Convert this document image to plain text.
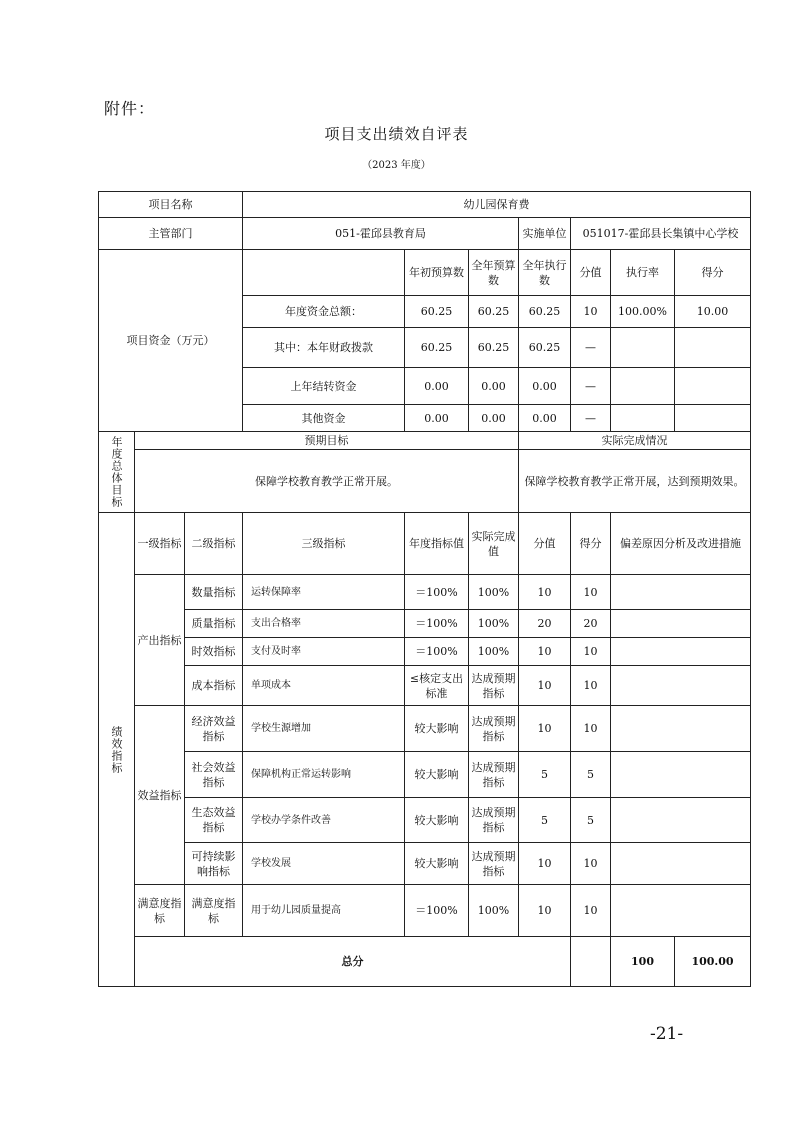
附件：
项目支出绩效自评表
（2023 年度）
项目名称			幼儿园保育费							
主管部门			051-霍邱县教育局			实施单位	051017-霍邱县长集镇中心学校			
项目资金（万元）				年初预算数	全年预算数	全年执行数	分值	执行率	得分	
			年度资金总额：	60.25	60.25	60.25	10	100.00%	10.00	
			其中：本年财政拨款	60.25	60.25	60.25	—			
			上年结转资金	0.00	0.00	0.00	—			
			其他资金	0.00	0.00	0.00	—			
年度总体目标	预期目标					实际完成情况				
	保障学校教育教学正常开展。					保障学校教育教学正常开展，达到预期效果。				
绩效指标	一级指标	二级指标	三级指标	年度指标值	实际完成值	分值	得分	偏差原因分析及改进措施		
	产出指标	数量指标	运转保障率	＝100%	100%	10	10			
		质量指标	支出合格率	＝100%	100%	20	20			
		时效指标	支付及时率	＝100%	100%	10	10			
		成本指标	单项成本	≤核定支出标准	达成预期指标	10	10			
	效益指标	经济效益指标	学校生源增加	较大影响	达成预期指标	10	10			
		社会效益指标	保障机构正常运转影响	较大影响	达成预期指标	5	5			
		生态效益指标	学校办学条件改善	较大影响	达成预期指标	5	5			
		可持续影响指标	学校发展	较大影响	达成预期指标	10	10			
	满意度指标	满意度指标	用于幼儿园质量提高	＝100%	100%	10	10			
	总分							100	100.00	
-21-
